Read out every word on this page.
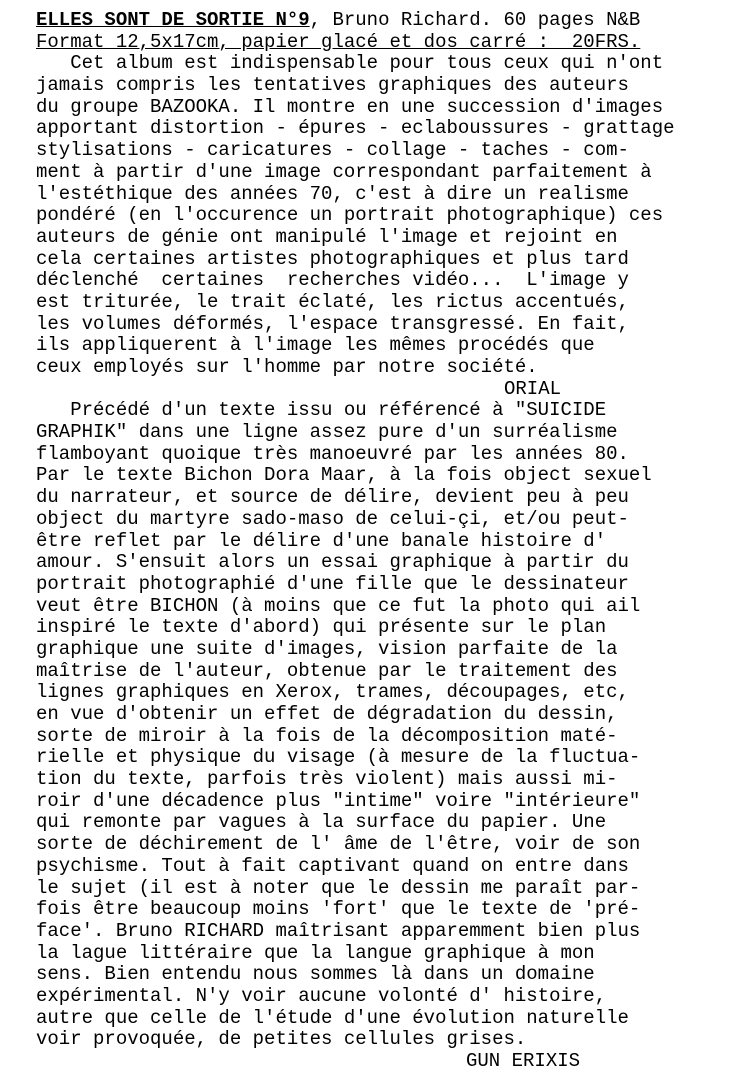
ELLES SONT DE SORTIE N°9, Bruno Richard. 60 pages N&B
Format 12,5x17cm, papier glacé et dos carré :  20FRS.
Cet album est indispensable pour tous ceux qui n'ont
jamais compris les tentatives graphiques des auteurs
du groupe BAZOOKA. Il montre en une succession d'images
apportant distortion - épures - eclaboussures - grattage
stylisations - caricatures - collage - taches - com-
ment à partir d'une image correspondant parfaitement à
l'estéthique des années 70, c'est à dire un realisme
pondéré (en l'occurence un portrait photographique) ces
auteurs de génie ont manipulé l'image et rejoint en
cela certaines artistes photographiques et plus tard
déclenché  certaines  recherches vidéo...  L'image y
est triturée, le trait éclaté, les rictus accentués,
les volumes déformés, l'espace transgressé. En fait,
ils appliquerent à l'image les mêmes procédés que
ceux employés sur l'homme par notre société.
ORIAL
Précédé d'un texte issu ou référencé à "SUICIDE
GRAPHIK" dans une ligne assez pure d'un surréalisme
flamboyant quoique très manoeuvré par les années 80.
Par le texte Bichon Dora Maar, à la fois object sexuel
du narrateur, et source de délire, devient peu à peu
object du martyre sado-maso de celui-çi, et/ou peut-
être reflet par le délire d'une banale histoire d'
amour. S'ensuit alors un essai graphique à partir du
portrait photographié d'une fille que le dessinateur
veut être BICHON (à moins que ce fut la photo qui ail
inspiré le texte d'abord) qui présente sur le plan
graphique une suite d'images, vision parfaite de la
maîtrise de l'auteur, obtenue par le traitement des
lignes graphiques en Xerox, trames, découpages, etc,
en vue d'obtenir un effet de dégradation du dessin,
sorte de miroir à la fois de la décomposition maté-
rielle et physique du visage (à mesure de la fluctua-
tion du texte, parfois très violent) mais aussi mi-
roir d'une décadence plus "intime" voire "intérieure"
qui remonte par vagues à la surface du papier. Une
sorte de déchirement de l' âme de l'être, voir de son
psychisme. Tout à fait captivant quand on entre dans
le sujet (il est à noter que le dessin me paraît par-
fois être beaucoup moins 'fort' que le texte de 'pré-
face'. Bruno RICHARD maîtrisant apparemment bien plus
la lague littéraire que la langue graphique à mon
sens. Bien entendu nous sommes là dans un domaine
expérimental. N'y voir aucune volonté d' histoire,
autre que celle de l'étude d'une évolution naturelle
voir provoquée, de petites cellules grises.
GUN ERIXIS
